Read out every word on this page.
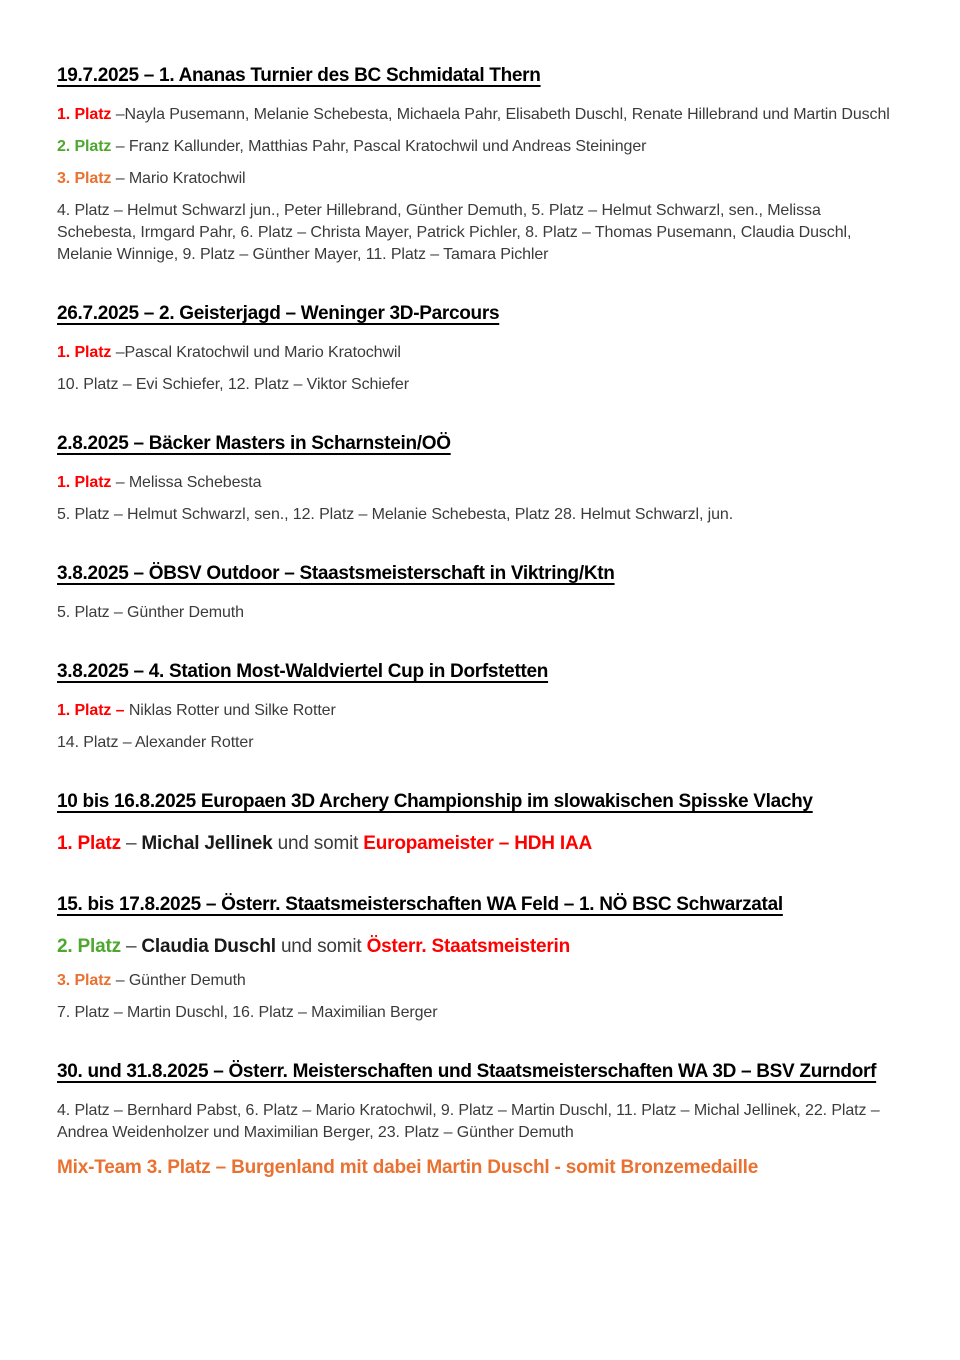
19.7.2025 – 1. Ananas Turnier des BC Schmidatal Thern

1. Platz –Nayla Pusemann, Melanie Schebesta, Michaela Pahr, Elisabeth Duschl, Renate Hillebrand und Martin Duschl

2. Platz – Franz Kallunder, Matthias Pahr, Pascal Kratochwil und Andreas Steininger

3. Platz – Mario Kratochwil

4. Platz – Helmut Schwarzl jun., Peter Hillebrand, Günther Demuth, 5. Platz – Helmut Schwarzl, sen., Melissa Schebesta, Irmgard Pahr, 6. Platz – Christa Mayer, Patrick Pichler, 8. Platz – Thomas Pusemann, Claudia Duschl, Melanie Winnige, 9. Platz – Günther Mayer, 11. Platz – Tamara Pichler

26.7.2025 – 2. Geisterjagd – Weninger 3D-Parcours

1. Platz –Pascal Kratochwil und Mario Kratochwil

10. Platz – Evi Schiefer, 12. Platz – Viktor Schiefer

2.8.2025 – Bäcker Masters in Scharnstein/OÖ

1. Platz – Melissa Schebesta

5. Platz – Helmut Schwarzl, sen., 12. Platz – Melanie Schebesta, Platz 28. Helmut Schwarzl, jun.

3.8.2025 – ÖBSV Outdoor – Staastsmeisterschaft in Viktring/Ktn

5. Platz – Günther Demuth

3.8.2025 – 4. Station Most-Waldviertel Cup in Dorfstetten

1. Platz – Niklas Rotter und Silke Rotter

14. Platz – Alexander Rotter

10 bis 16.8.2025 Europaen 3D Archery Championship im slowakischen Spisske Vlachy

1. Platz – Michal Jellinek und somit Europameister – HDH IAA

15. bis 17.8.2025 – Österr. Staatsmeisterschaften WA Feld – 1. NÖ BSC Schwarzatal

2. Platz – Claudia Duschl und somit Österr. Staatsmeisterin

3. Platz – Günther Demuth

7. Platz – Martin Duschl, 16. Platz – Maximilian Berger

30. und 31.8.2025 – Österr. Meisterschaften und Staatsmeisterschaften WA 3D – BSV Zurndorf

4. Platz – Bernhard Pabst, 6. Platz – Mario Kratochwil, 9. Platz – Martin Duschl, 11. Platz – Michal Jellinek, 22. Platz – Andrea Weidenholzer und Maximilian Berger, 23. Platz – Günther Demuth

Mix-Team 3. Platz – Burgenland mit dabei Martin Duschl - somit Bronzemedaille
